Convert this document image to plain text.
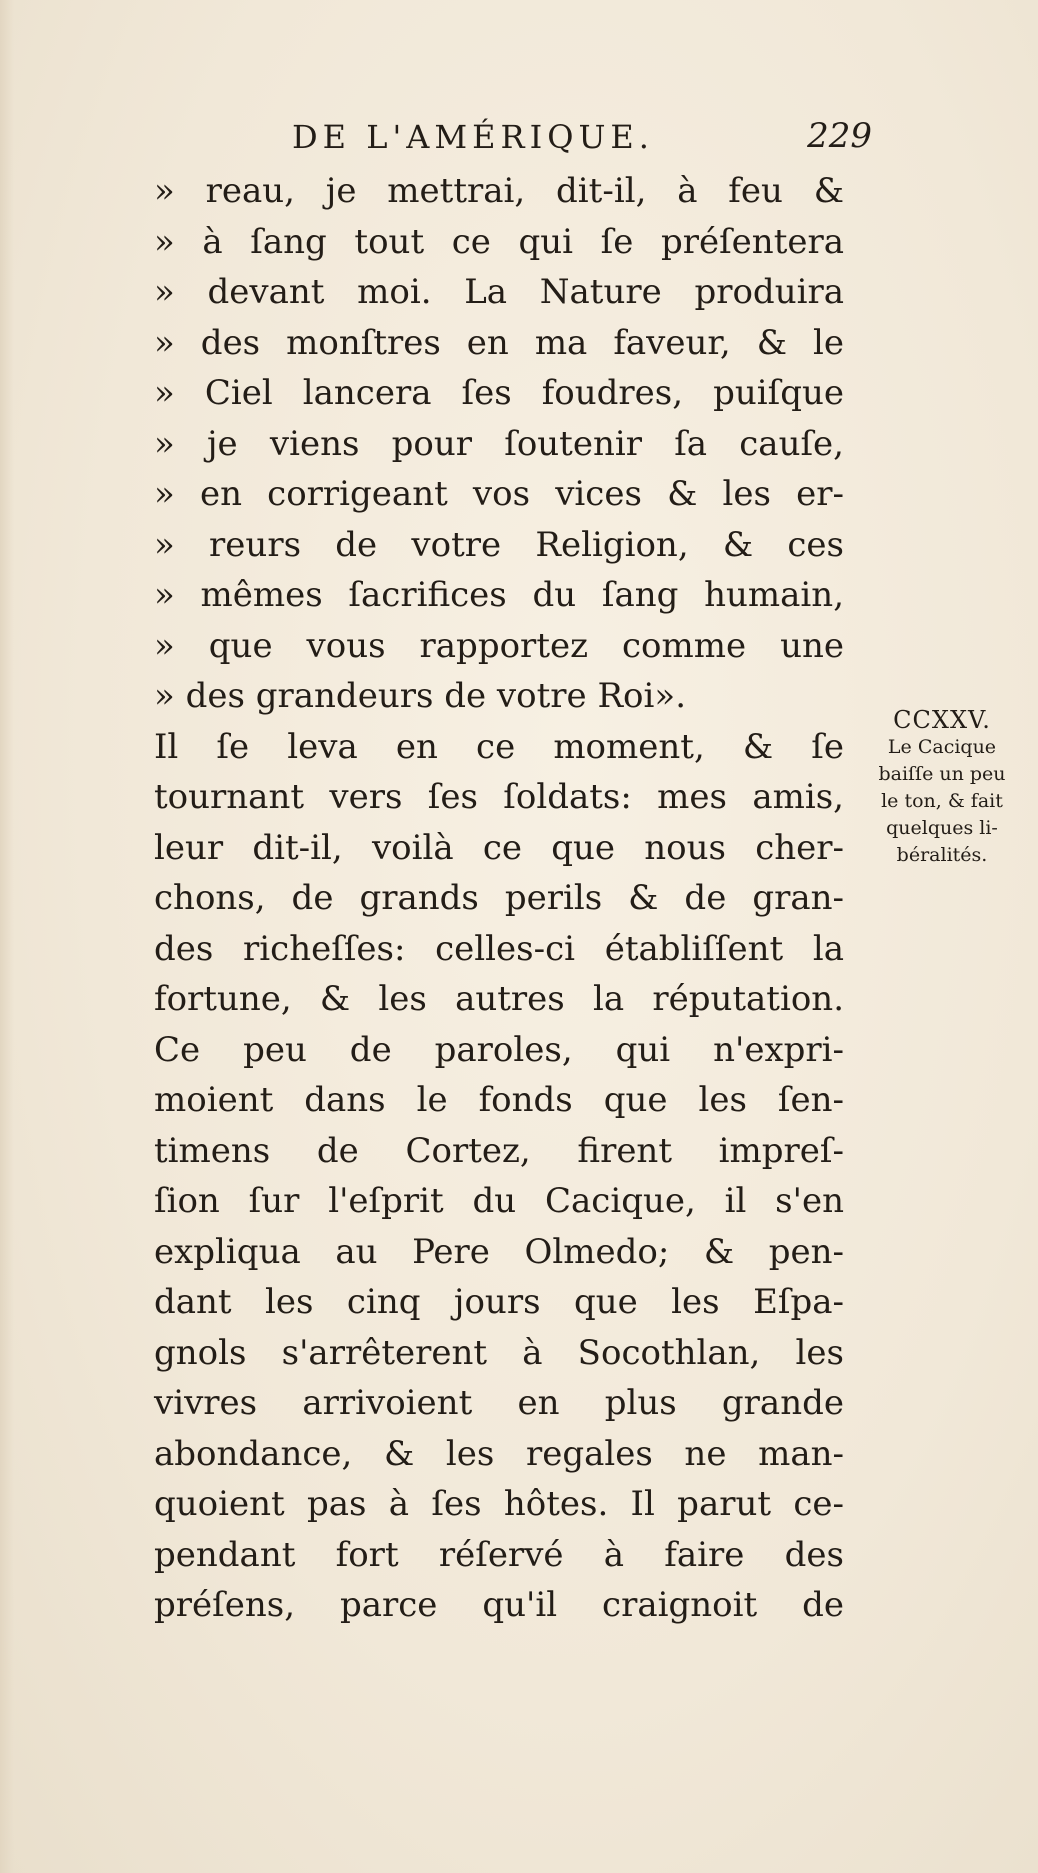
DE L'AMÉRIQUE.	229
» reau, je mettrai, dit-il, à feu &
» à ſang tout ce qui ſe préſentera
» devant moi. La Nature produira
» des monſtres en ma faveur, & le
» Ciel lancera ſes foudres, puiſque
» je viens pour ſoutenir ſa cauſe,
» en corrigeant vos vices & les er-
» reurs de votre Religion, & ces
» mêmes ſacrifices du ſang humain,
» que vous rapportez comme une
» des grandeurs de votre Roi».
Il ſe leva en ce moment, & ſe
tournant vers ſes ſoldats: mes amis,
leur dit-il, voilà ce que nous cher-
chons, de grands perils & de gran-
des richeſſes: celles-ci établiſſent la
fortune, & les autres la réputation.
Ce peu de paroles, qui n'expri-
moient dans le fonds que les ſen-
timens de Cortez, firent impreſ-
ſion ſur l'eſprit du Cacique, il s'en
expliqua au Pere Olmedo; & pen-
dant les cinq jours que les Eſpa-
gnols s'arrêterent à Socothlan, les
vivres arrivoient en plus grande
abondance, & les regales ne man-
quoient pas à ſes hôtes. Il parut ce-
pendant fort réſervé à faire des
préſens, parce qu'il craignoit de
CCXXV.
Le Cacique
baiſſe un peu
le ton, & fait
quelques li-
béralités.
